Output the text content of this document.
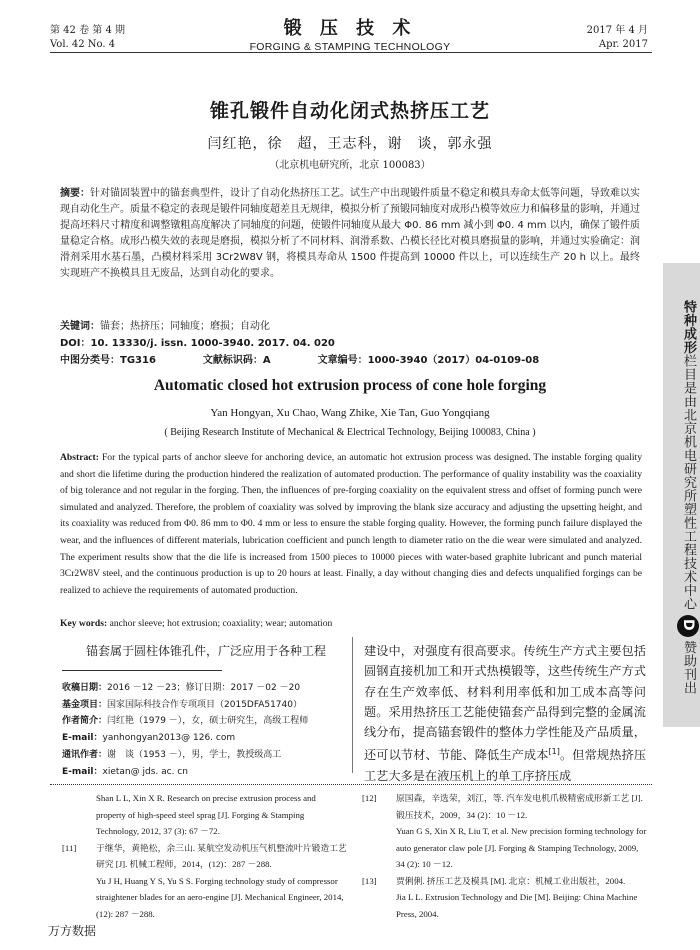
第 42 卷 第 4 期
Vol. 42 No. 4
锻 压 技 术
FORGING & STAMPING TECHNOLOGY
2017 年 4 月
Apr. 2017
锥孔锻件自动化闭式热挤压工艺
闫红艳，徐　超，王志科，谢　谈，郭永强
（北京机电研究所，北京 100083）
摘要：针对锚固装置中的锚套典型件，设计了自动化热挤压工艺。试生产中出现锻件质量不稳定和模具寿命太低等问题，导致难以实现自动化生产。质量不稳定的表现是锻件同轴度超差且无规律，模拟分析了预锻同轴度对成形凸模等效应力和偏移量的影响，并通过提高坯料尺寸精度和调整镦粗高度解决了同轴度的问题，使锻件同轴度从最大 Φ0. 86 mm 减小到 Φ0. 4 mm 以内，确保了锻件质量稳定合格。成形凸模失效的表现是磨损，模拟分析了不同材料、润滑系数、凸模长径比对模具磨损量的影响，并通过实验确定：润滑剂采用水基石墨，凸模材料采用 3Cr2W8V 钢，将模具寿命从 1500 件提高到 10000 件以上，可以连续生产 20 h 以上。最终实现班产不换模具且无废品，达到自动化的要求。
关键词：锚套；热挤压；同轴度；磨损；自动化
DOI：10. 13330/j. issn. 1000-3940. 2017. 04. 020
中图分类号：TG316	文献标识码：A	文章编号：1000-3940（2017）04-0109-08
Automatic closed hot extrusion process of cone hole forging
Yan Hongyan, Xu Chao, Wang Zhike, Xie Tan, Guo Yongqiang
( Beijing Research Institute of Mechanical & Electrical Technology, Beijing 100083, China )
Abstract: For the typical parts of anchor sleeve for anchoring device, an automatic hot extrusion process was designed. The instable forging quality and short die lifetime during the production hindered the realization of automated production. The performance of quality instability was the coaxiality of big tolerance and not regular in the forging. Then, the influences of pre-forging coaxiality on the equivalent stress and offset of forming punch were simulated and analyzed. Therefore, the problem of coaxiality was solved by improving the blank size accuracy and adjusting the upsetting height, and its coaxiality was reduced from Φ0. 86 mm to Φ0. 4 mm or less to ensure the stable forging quality. However, the forming punch failure displayed the wear, and the influences of different materials, lubrication coefficient and punch length to diameter ratio on the die wear were simulated and analyzed. The experiment results show that the die life is increased from 1500 pieces to 10000 pieces with water-based graphite lubricant and punch material 3Cr2W8V steel, and the continuous production is up to 20 hours at least. Finally, a day without changing dies and defects unqualified forgings can be realized to achieve the requirements of automated production.
Key words: anchor sleeve; hot extrusion; coaxiality; wear; automation
特种成形栏目是由北京机电研究所塑性工程技术中心D赞助刊出
锚套属于圆柱体锥孔件，广泛应用于各种工程
收稿日期：2016 －12 －23；修订日期：2017 －02 －20
基金项目：国家国际科技合作专项项目（2015DFA51740）
作者简介：闫红艳（1979 －），女，硕士研究生，高级工程师
E-mail：yanhongyan2013@ 126. com
通讯作者：谢　谈（1953 －），男，学士，教授级高工
E-mail：xietan@ jds. ac. cn
建设中，对强度有很高要求。传统生产方式主要包括圆钢直接机加工和开式热模锻等，这些传统生产方式存在生产效率低、材料利用率低和加工成本高等问题。采用热挤压工艺能使锚套产品得到完整的金属流线分布，提高锚套锻件的整体力学性能及产品质量，还可以节材、节能、降低生产成本[1]。但常规热挤压工艺大多是在液压机上的单工序挤压成
Shan L L, Xin X R. Research on precise extrusion process and property of high-speed steel sprag [J]. Forging & Stamping Technology, 2012, 37 (3): 67 －72.
[11] 于继华，黄艳松，余三山. 某航空发动机压气机整流叶片锻造工艺研究 [J]. 机械工程师，2014，(12)：287 －288.
Yu J H, Huang Y S, Yu S S. Forging technology study of compressor straightener blades for an aero-engine [J]. Mechanical Engineer, 2014, (12): 287 －288.
[12] 原国森，辛选荣，刘江，等. 汽车发电机爪极精密成形新工艺 [J]. 锻压技术，2009，34 (2)：10 －12.
Yuan G S, Xin X R, Liu T, et al. New precision forming technology for auto generator claw pole [J]. Forging & Stamping Technology, 2009, 34 (2): 10 －12.
[13] 贾俐俐. 挤压工艺及模具 [M]. 北京：机械工业出版社，2004.
Jia L L. Extrusion Technology and Die [M]. Beijing: China Machine Press, 2004.
万方数据
